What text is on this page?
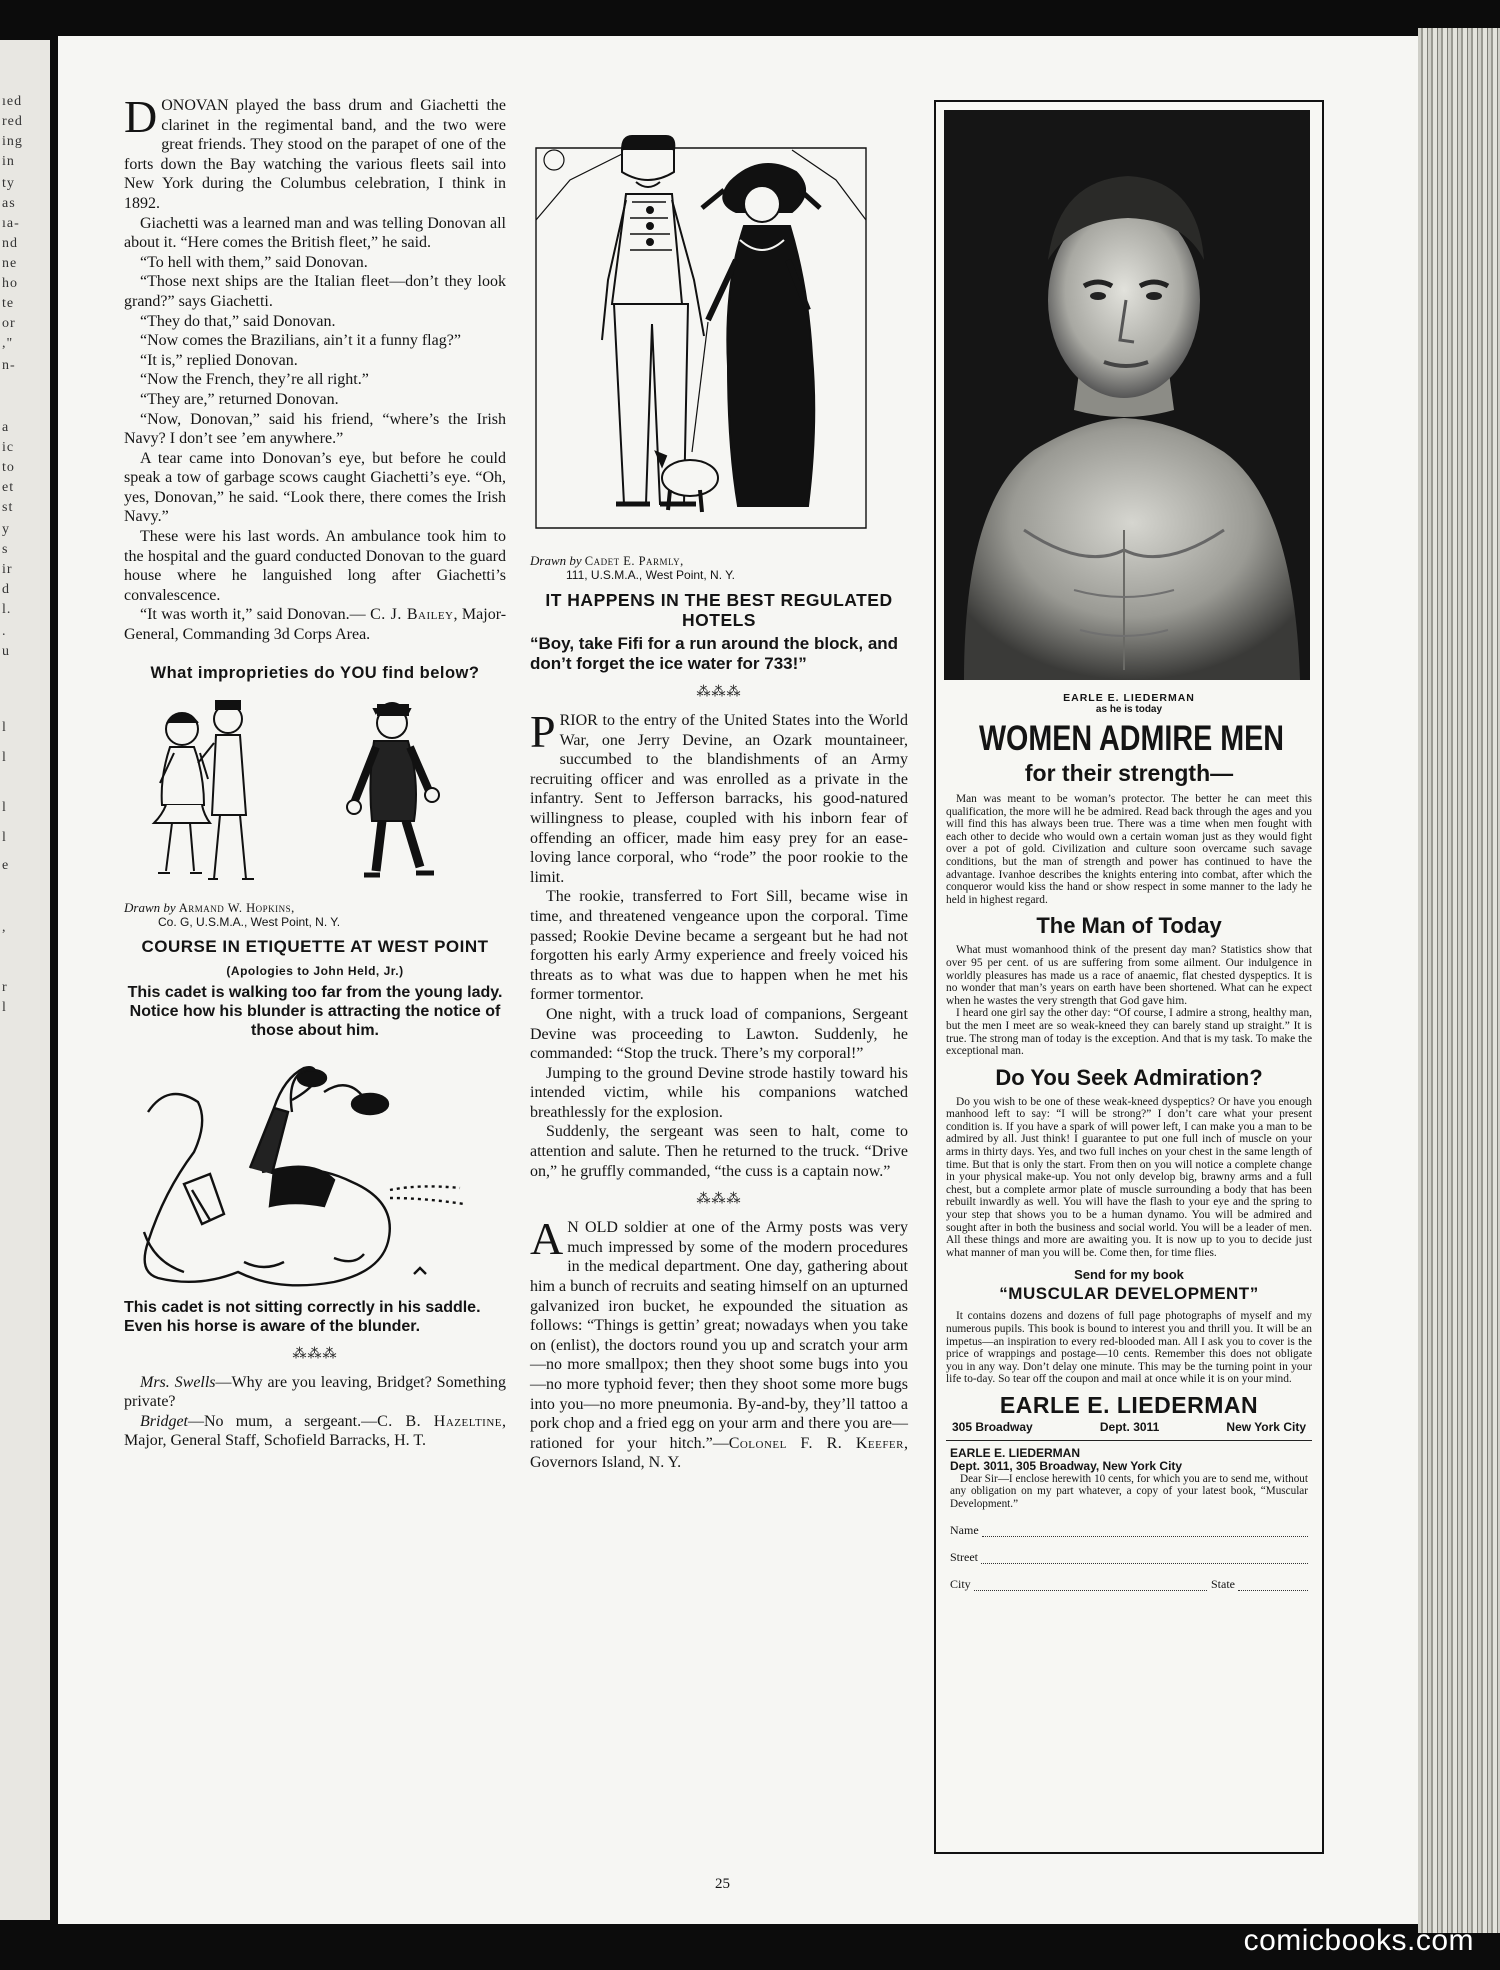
ıed
red
ing
in
ty
as
ıa-
nd
ne
ho
te
or
,"
n-
a
ic
to
et
st
y
s
ir
d
l.
.
u
l
l
l
l
e
,
r
l
comicbooks.com

DONOVAN played the bass drum and Giachetti the clarinet in the regimental band, and the two were great friends. They stood on the parapet of one of the forts down the Bay watching the various fleets sail into New York during the Columbus celebration, I think in 1892.

Giachetti was a learned man and was telling Donovan all about it. “Here comes the British fleet,” he said.

“To hell with them,” said Donovan.

“Those next ships are the Italian fleet—don’t they look grand?” says Giachetti.

“They do that,” said Donovan.

“Now comes the Brazilians, ain’t it a funny flag?”

“It is,” replied Donovan.

“Now the French, they’re all right.”

“They are,” returned Donovan.

“Now, Donovan,” said his friend, “where’s the Irish Navy? I don’t see ’em anywhere.”

A tear came into Donovan’s eye, but before he could speak a tow of garbage scows caught Giachetti’s eye. “Oh, yes, Donovan,” he said. “Look there, there comes the Irish Navy.”

These were his last words. An ambulance took him to the hospital and the guard conducted Donovan to the guard house where he languished long after Giachetti’s convalescence.

“It was worth it,” said Donovan.— C. J. Bailey, Major-General, Commanding 3d Corps Area.

What improprieties do YOU find below?

Drawn by Armand W. Hopkins,

Co. G, U.S.M.A., West Point, N. Y.

COURSE IN ETIQUETTE AT WEST POINT

(Apologies to John Held, Jr.)

This cadet is walking too far from the young lady. Notice how his blunder is attracting the notice of those about him.

This cadet is not sitting correctly in his saddle. Even his horse is aware of the blunder.

⁂⁂⁂

Mrs. Swells—Why are you leaving, Bridget? Something private?

Bridget—No mum, a sergeant.—C. B. Hazeltine, Major, General Staff, Schofield Barracks, H. T.

Drawn by Cadet E. Parmly,

111, U.S.M.A., West Point, N. Y.

IT HAPPENS IN THE BEST REGULATED HOTELS

“Boy, take Fifi for a run around the block, and don’t forget the ice water for 733!”

⁂⁂⁂

PRIOR to the entry of the United States into the World War, one Jerry Devine, an Ozark mountaineer, succumbed to the blandishments of an Army recruiting officer and was enrolled as a private in the infantry. Sent to Jefferson barracks, his good-natured willingness to please, coupled with his inborn fear of offending an officer, made him easy prey for an ease-loving lance corporal, who “rode” the poor rookie to the limit.

The rookie, transferred to Fort Sill, became wise in time, and threatened vengeance upon the corporal. Time passed; Rookie Devine became a sergeant but he had not forgotten his early Army experience and freely voiced his threats as to what was due to happen when he met his former tormentor.

One night, with a truck load of companions, Sergeant Devine was proceeding to Lawton. Suddenly, he commanded: “Stop the truck. There’s my corporal!”

Jumping to the ground Devine strode hastily toward his intended victim, while his companions watched breathlessly for the explosion.

Suddenly, the sergeant was seen to halt, come to attention and salute. Then he returned to the truck. “Drive on,” he gruffly commanded, “the cuss is a captain now.”

⁂⁂⁂

A N OLD soldier at one of the Army posts was very much impressed by some of the modern procedures in the medical department. One day, gathering about him a bunch of recruits and seating himself on an upturned galvanized iron bucket, he expounded the situation as follows: “Things is gettin’ great; nowadays when you take on (enlist), the doctors round you up and scratch your arm—no more smallpox; then they shoot some bugs into you—no more typhoid fever; then they shoot some more bugs into you—no more pneumonia. By-and-by, they’ll tattoo a pork chop and a fried egg on your arm and there you are—rationed for your hitch.”—Colonel F. R. Keefer, Governors Island, N. Y.

EARLE E. LIEDERMAN

as he is today

WOMEN ADMIRE MEN

for their strength—

Man was meant to be woman’s protector. The better he can meet this qualification, the more will he be admired. Read back through the ages and you will find this has always been true. There was a time when men fought with each other to decide who would own a certain woman just as they would fight over a pot of gold. Civilization and culture soon overcame such savage conditions, but the man of strength and power has continued to have the advantage. Ivanhoe describes the knights entering into combat, after which the conqueror would kiss the hand or show respect in some manner to the lady he held in highest regard.

The Man of Today

What must womanhood think of the present day man? Statistics show that over 95 per cent. of us are suffering from some ailment. Our indulgence in worldly pleasures has made us a race of anaemic, flat chested dyspeptics. It is no wonder that man’s years on earth have been shortened. What can he expect when he wastes the very strength that God gave him.

I heard one girl say the other day: “Of course, I admire a strong, healthy man, but the men I meet are so weak-kneed they can barely stand up straight.” It is true. The strong man of today is the exception. And that is my task. To make the exceptional man.

Do You Seek Admiration?

Do you wish to be one of these weak-kneed dyspeptics? Or have you enough manhood left to say: “I will be strong?” I don’t care what your present condition is. If you have a spark of will power left, I can make you a man to be admired by all. Just think! I guarantee to put one full inch of muscle on your arms in thirty days. Yes, and two full inches on your chest in the same length of time. But that is only the start. From then on you will notice a complete change in your physical make-up. You not only develop big, brawny arms and a full chest, but a complete armor plate of muscle surrounding a body that has been rebuilt inwardly as well. You will have the flash to your eye and the spring to your step that shows you to be a human dynamo. You will be admired and sought after in both the business and social world. You will be a leader of men. All these things and more are awaiting you. It is now up to you to decide just what manner of man you will be. Come then, for time flies.

Send for my book

“MUSCULAR DEVELOPMENT”

It contains dozens and dozens of full page photographs of myself and my numerous pupils. This book is bound to interest you and thrill you. It will be an impetus—an inspiration to every red-blooded man. All I ask you to cover is the price of wrappings and postage—10 cents. Remember this does not obligate you in any way. Don’t delay one minute. This may be the turning point in your life to-day. So tear off the coupon and mail at once while it is on your mind.

EARLE E. LIEDERMAN

305 Broadway	Dept. 3011	New York City

EARLE E. LIEDERMAN

Dept. 3011, 305 Broadway, New York City

Dear Sir—I enclose herewith 10 cents, for which you are to send me, without any obligation on my part whatever, a copy of your latest book, “Muscular Development.”

Name
Street
City	State
25
